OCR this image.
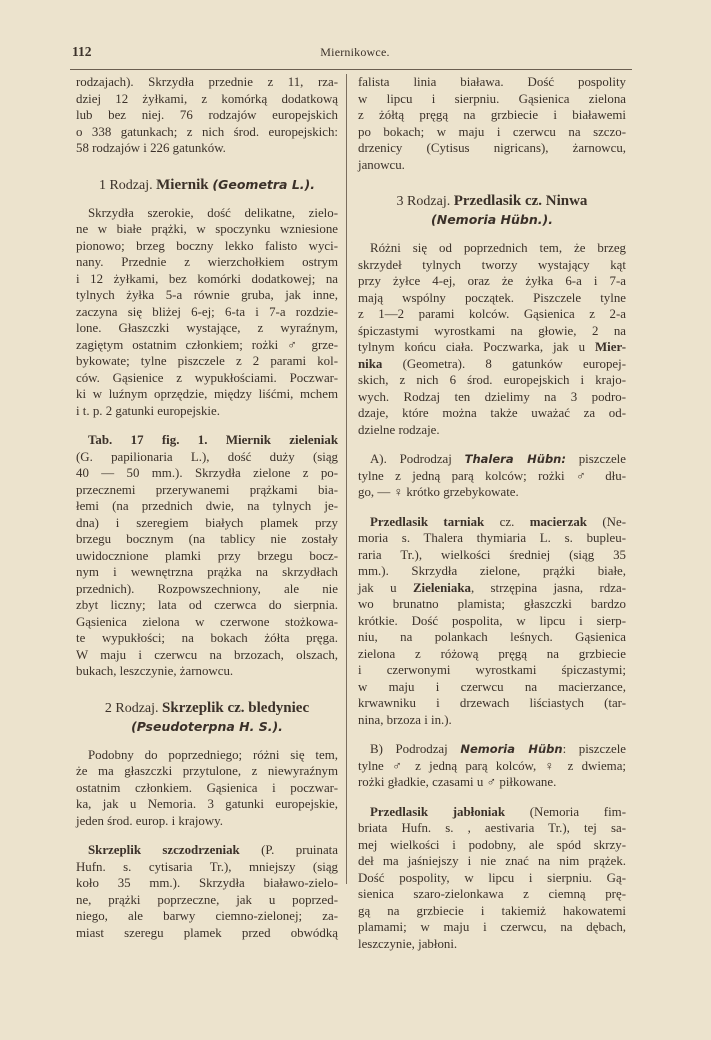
112	Miernikowce.
rodzajach). Skrzydła przednie z 11, rza-
dziej 12 żyłkami, z komórką dodatkową
lub bez niej. 76 rodzajów europejskich
o 338 gatunkach; z nich środ. europejskich:
58 rodzajów i 226 gatunków.
1 Rodzaj. Miernik (Geometra L.).
Skrzydła szerokie, dość delikatne, zielo-
ne w białe prążki, w spoczynku wzniesione
pionowo; brzeg boczny lekko falisto wyci-
nany. Przednie z wierzchołkiem ostrym
i 12 żyłkami, bez komórki dodatkowej; na
tylnych żyłka 5-a równie gruba, jak inne,
zaczyna się bliżej 6-ej; 6-ta i 7-a rozdzie-
lone. Głaszczki wystające, z wyraźnym,
zagiętym ostatnim członkiem; rożki ♂ grze-
bykowate; tylne piszczele z 2 parami kol-
ców. Gąsienice z wypukłościami. Poczwar-
ki w luźnym oprzędzie, między liśćmi, mchem
i t. p. 2 gatunki europejskie.
Tab. 17 fig. 1. Miernik zieleniak
(G. papilionaria L.), dość duży (siąg
40 — 50 mm.). Skrzydła zielone z po-
przecznemi przerywanemi prążkami bia-
łemi (na przednich dwie, na tylnych je-
dna) i szeregiem białych plamek przy
brzegu bocznym (na tablicy nie zostały
uwidocznione plamki przy brzegu bocz-
nym i wewnętrzna prążka na skrzydłach
przednich). Rozpowszechniony, ale nie
zbyt liczny; lata od czerwca do sierpnia.
Gąsienica zielona w czerwone stożkowa-
te wypukłości; na bokach żółta pręga.
W maju i czerwcu na brzozach, olszach,
bukach, leszczynie, żarnowcu.
2 Rodzaj. Skrzeplik cz. bledyniec
(Pseudoterpna H. S.).
Podobny do poprzedniego; różni się tem,
że ma głaszczki przytulone, z niewyraźnym
ostatnim członkiem. Gąsienica i poczwar-
ka, jak u Nemoria. 3 gatunki europejskie,
jeden środ. europ. i krajowy.
Skrzeplik szczodrzeniak (P. pruinata
Hufn. s. cytisaria Tr.), mniejszy (siąg
koło 35 mm.). Skrzydła białawo-zielo-
ne, prążki poprzeczne, jak u poprzed-
niego, ale barwy ciemno-zielonej; za-
miast szeregu plamek przed obwódką
falista linia biaława. Dość pospolity
w lipcu i sierpniu. Gąsienica zielona
z żółtą pręgą na grzbiecie i białawemi
po bokach; w maju i czerwcu na szczo-
drzenicy (Cytisus nigricans), żarnowcu,
janowcu.
3 Rodzaj. Przedlasik cz. Ninwa
(Nemoria Hübn.).
Różni się od poprzednich tem, że brzeg
skrzydeł tylnych tworzy wystający kąt
przy żyłce 4-ej, oraz że żyłka 6-a i 7-a
mają wspólny początek. Piszczele tylne
z 1—2 parami kolców. Gąsienica z 2-a
śpiczastymi wyrostkami na głowie, 2 na
tylnym końcu ciała. Poczwarka, jak u Mier-
nika (Geometra). 8 gatunków europej-
skich, z nich 6 środ. europejskich i krajo-
wych. Rodzaj ten dzielimy na 3 podro-
dzaje, które można także uważać za od-
dzielne rodzaje.
A). Podrodzaj Thalera Hübn: piszczele
tylne z jedną parą kolców; rożki ♂ dłu-
go, — ♀ krótko grzebykowate.
Przedlasik tarniak cz. macierzak (Ne-
moria s. Thalera thymiaria L. s. bupleu-
raria Tr.), wielkości średniej (siąg 35
mm.). Skrzydła zielone, prążki białe,
jak u Zieleniaka, strzępina jasna, rdza-
wo brunatno plamista; głaszczki bardzo
krótkie. Dość pospolita, w lipcu i sierp-
niu, na polankach leśnych. Gąsienica
zielona z różową pręgą na grzbiecie
i czerwonymi wyrostkami śpiczastymi;
w maju i czerwcu na macierzance,
krwawniku i drzewach liściastych (tar-
nina, brzoza i in.).
B) Podrodzaj Nemoria Hübn: piszczele
tylne ♂ z jedną parą kolców, ♀ z dwiema;
rożki gładkie, czasami u ♂ piłkowane.
Przedlasik jabłoniak (Nemoria fim-
briata Hufn. s. , aestivaria Tr.), tej sa-
mej wielkości i podobny, ale spód skrzy-
deł ma jaśniejszy i nie znać na nim prążek.
Dość pospolity, w lipcu i sierpniu. Gą-
sienica szaro-zielonkawa z ciemną prę-
gą na grzbiecie i takiemiż hakowatemi
plamami; w maju i czerwcu, na dębach,
leszczynie, jabłoni.
